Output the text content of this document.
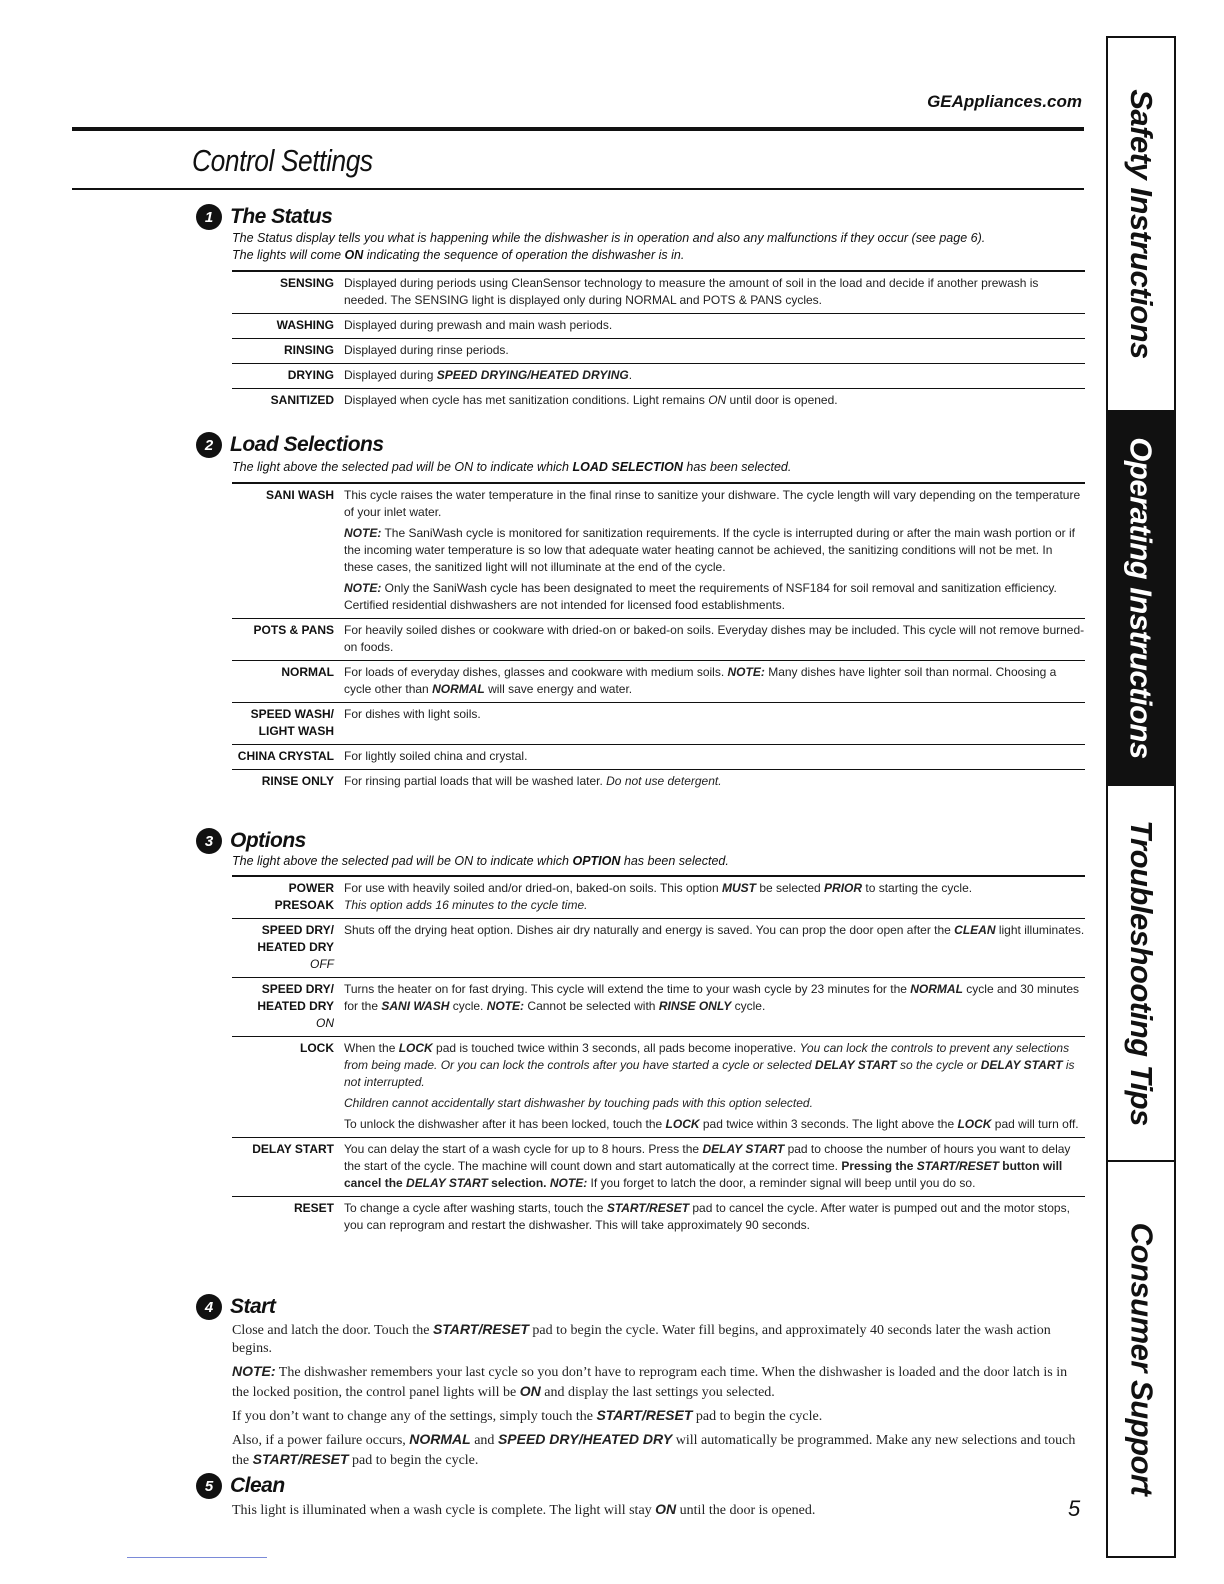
GEAppliances.com
Control Settings	Safety Instructions
Operating Instructions
Troubleshooting Tips
Consumer Support
1 The Status
The Status display tells you what is happening while the dishwasher is in operation and also any malfunctions if they occur (see page 6).
The lights will come ON indicating the sequence of operation the dishwasher is in.
SENSING Displayed during periods using CleanSensor technology to measure the amount of soil in the load and decide if another prewash is needed. The SENSING light is displayed only during NORMAL and POTS & PANS cycles.
WASHING Displayed during prewash and main wash periods.
RINSING Displayed during rinse periods.
DRYING Displayed during SPEED DRYING/HEATED DRYING.
SANITIZED Displayed when cycle has met sanitization conditions. Light remains ON until door is opened.
2 Load Selections
The light above the selected pad will be ON to indicate which LOAD SELECTION has been selected.
SANI WASH This cycle raises the water temperature in the final rinse to sanitize your dishware. The cycle length will vary depending on the temperature of your inlet water.

NOTE: The SaniWash cycle is monitored for sanitization requirements. If the cycle is interrupted during or after the main wash portion or if the incoming water temperature is so low that adequate water heating cannot be achieved, the sanitizing conditions will not be met. In these cases, the sanitized light will not illuminate at the end of the cycle.

NOTE: Only the SaniWash cycle has been designated to meet the requirements of NSF184 for soil removal and sanitization efficiency. Certified residential dishwashers are not intended for licensed food establishments.

POTS & PANS For heavily soiled dishes or cookware with dried-on or baked-on soils. Everyday dishes may be included. This cycle will not remove burned-on foods.
NORMAL For loads of everyday dishes, glasses and cookware with medium soils. NOTE: Many dishes have lighter soil than normal. Choosing a cycle other than NORMAL will save energy and water.
SPEED WASH/
LIGHT WASH
For dishes with light soils.
CHINA CRYSTAL For lightly soiled china and crystal.
RINSE ONLY For rinsing partial loads that will be washed later. Do not use detergent.
3 Options
The light above the selected pad will be ON to indicate which OPTION has been selected.
POWER
PRESOAK
For use with heavily soiled and/or dried-on, baked-on soils. This option MUST be selected PRIOR to starting the cycle.
This option adds 16 minutes to the cycle time.
SPEED DRY/
HEATED DRY
OFF
Shuts off the drying heat option. Dishes air dry naturally and energy is saved. You can prop the door open after the CLEAN light illuminates.
SPEED DRY/
HEATED DRY
ON
Turns the heater on for fast drying. This cycle will extend the time to your wash cycle by 23 minutes for the NORMAL cycle and 30 minutes for the SANI WASH cycle. NOTE: Cannot be selected with RINSE ONLY cycle.
LOCK When the LOCK pad is touched twice within 3 seconds, all pads become inoperative. You can lock the controls to prevent any selections from being made. Or you can lock the controls after you have started a cycle or selected DELAY START so the cycle or DELAY START is not interrupted.

Children cannot accidentally start dishwasher by touching pads with this option selected.

To unlock the dishwasher after it has been locked, touch the LOCK pad twice within 3 seconds. The light above the LOCK pad will turn off.

DELAY START You can delay the start of a wash cycle for up to 8 hours. Press the DELAY START pad to choose the number of hours you want to delay the start of the cycle. The machine will count down and start automatically at the correct time. Pressing the START/RESET button will cancel the DELAY START selection. NOTE: If you forget to latch the door, a reminder signal will beep until you do so.
RESET To change a cycle after washing starts, touch the START/RESET pad to cancel the cycle. After water is pumped out and the motor stops, you can reprogram and restart the dishwasher. This will take approximately 90 seconds.
4 Start

Close and latch the door. Touch the START/RESET pad to begin the cycle. Water fill begins, and approximately 40 seconds later the wash action begins.

NOTE: The dishwasher remembers your last cycle so you don’t have to reprogram each time. When the dishwasher is loaded and the door latch is in the locked position, the control panel lights will be ON and display the last settings you selected.

If you don’t want to change any of the settings, simply touch the START/RESET pad to begin the cycle.

Also, if a power failure occurs, NORMAL and SPEED DRY/HEATED DRY will automatically be programmed. Make any new selections and touch the START/RESET pad to begin the cycle.

5 Clean

This light is illuminated when a wash cycle is complete. The light will stay ON until the door is opened.	5
